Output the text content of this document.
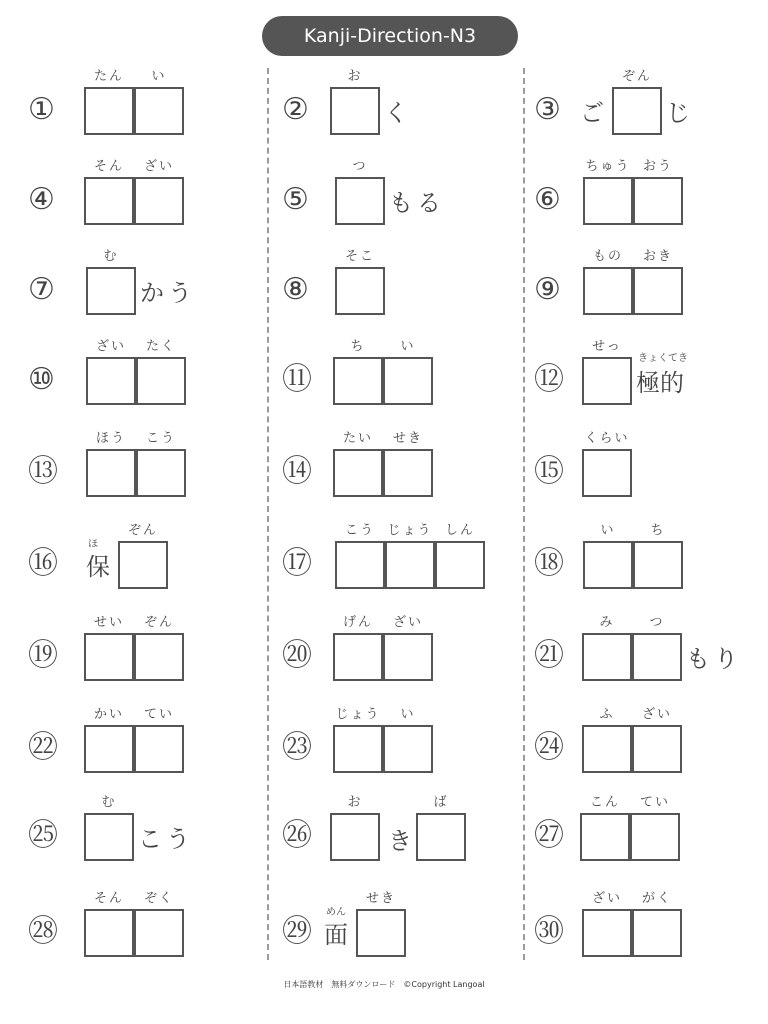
Kanji-Direction-N3
①
たん	い
②
お
く	③ ご
ぞん
じ
④
そん	ざい
⑤
つ
もる	⑥
ちゅう おう
⑦
む
かう	⑧
そこ
⑨
もの	おき
⑩
ざい	たく
⑪
ち	い
⑫
せっ
極的
きょくてき
⑬
ほう	こう
⑭
たい	せき
⑮
くらい
⑯ 保
ほ
ぞん
⑰
こう じょう しん
⑱
い	ち
⑲
せい	ぞん
⑳
げん	ざい
㉑
み	つ
もり
㉒
かい	てい
㉓
じょう	い
㉔
ふ	ざい
㉕
む
こう	㉖
お
き
ば
㉗
こん	てい
㉘
そん	ぞく
㉙ 面
めん
せき
㉚
ざい	がく
日本語教材　無料ダウンロード　©Copyright Langoal
